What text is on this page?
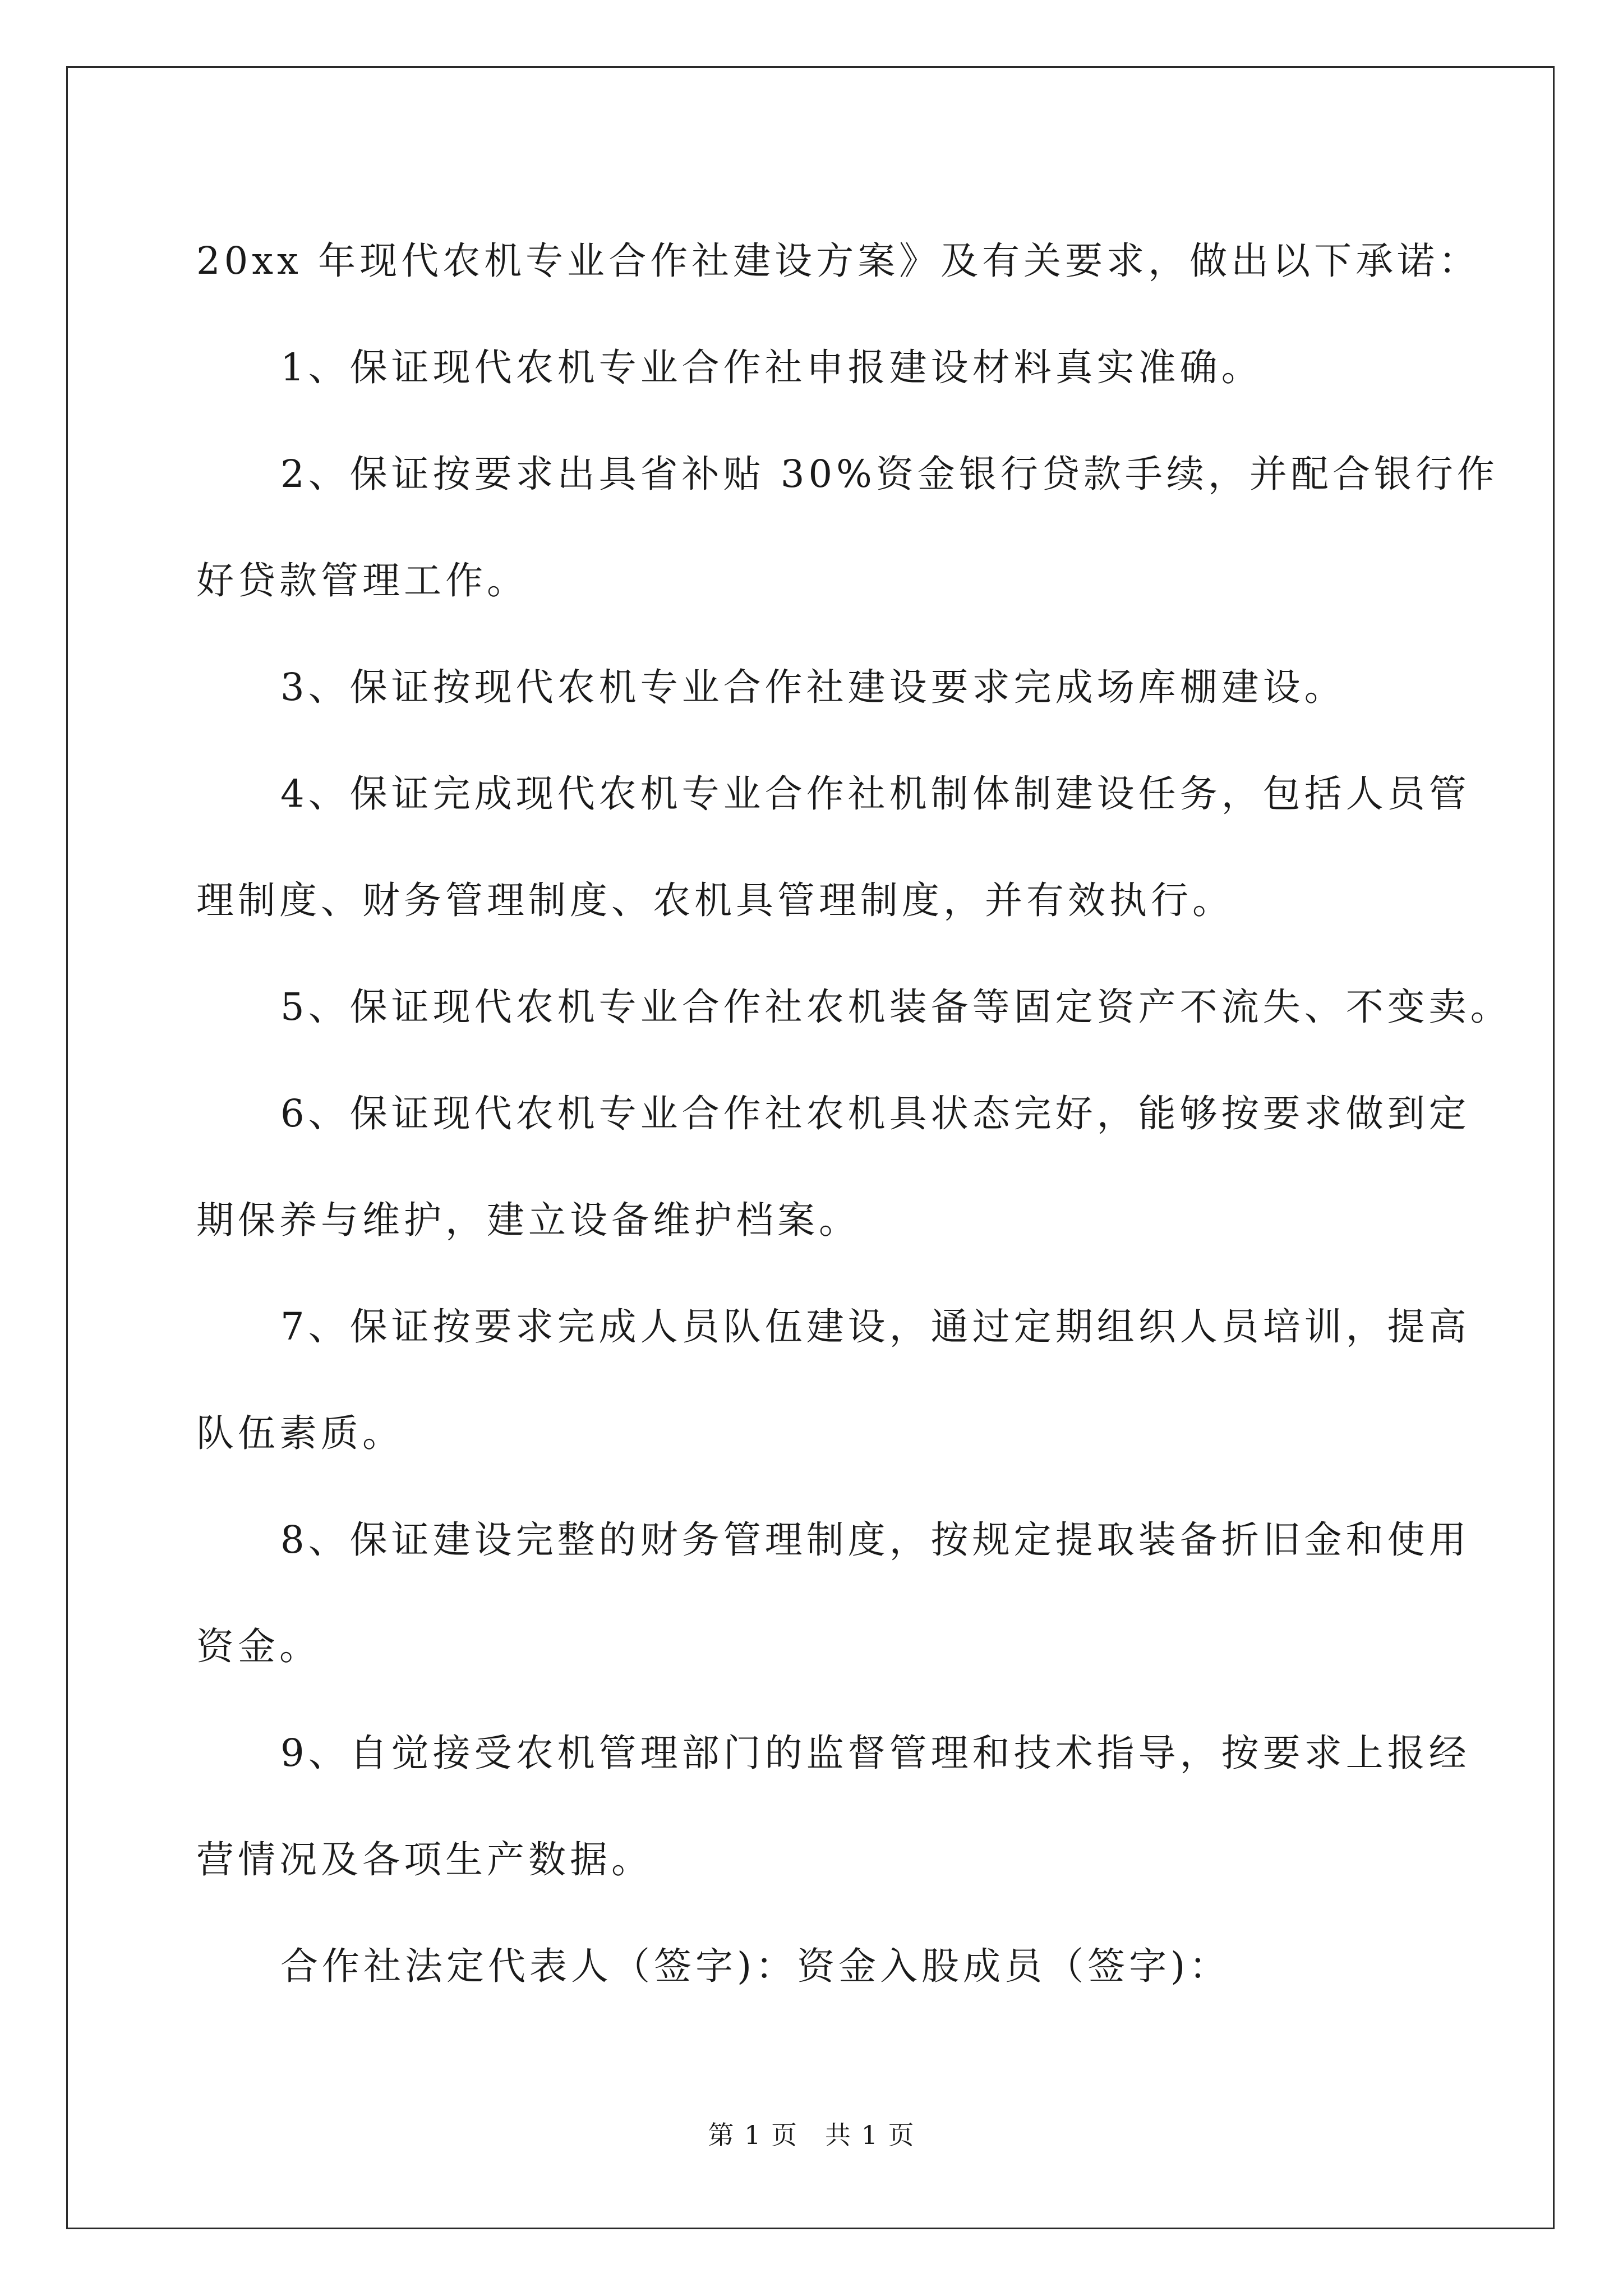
20xx 年现代农机专业合作社建设方案》及有关要求，做出以下承诺：

1、保证现代农机专业合作社申报建设材料真实准确。

2、保证按要求出具省补贴 30%资金银行贷款手续，并配合银行作

好贷款管理工作。

3、保证按现代农机专业合作社建设要求完成场库棚建设。

4、保证完成现代农机专业合作社机制体制建设任务，包括人员管

理制度、财务管理制度、农机具管理制度，并有效执行。

5、保证现代农机专业合作社农机装备等固定资产不流失、不变卖。

6、保证现代农机专业合作社农机具状态完好，能够按要求做到定

期保养与维护，建立设备维护档案。

7、保证按要求完成人员队伍建设，通过定期组织人员培训，提高

队伍素质。

8、保证建设完整的财务管理制度，按规定提取装备折旧金和使用

资金。

9、自觉接受农机管理部门的监督管理和技术指导，按要求上报经

营情况及各项生产数据。

合作社法定代表人（签字)：资金入股成员（签字)：

第 1 页　共 1 页
